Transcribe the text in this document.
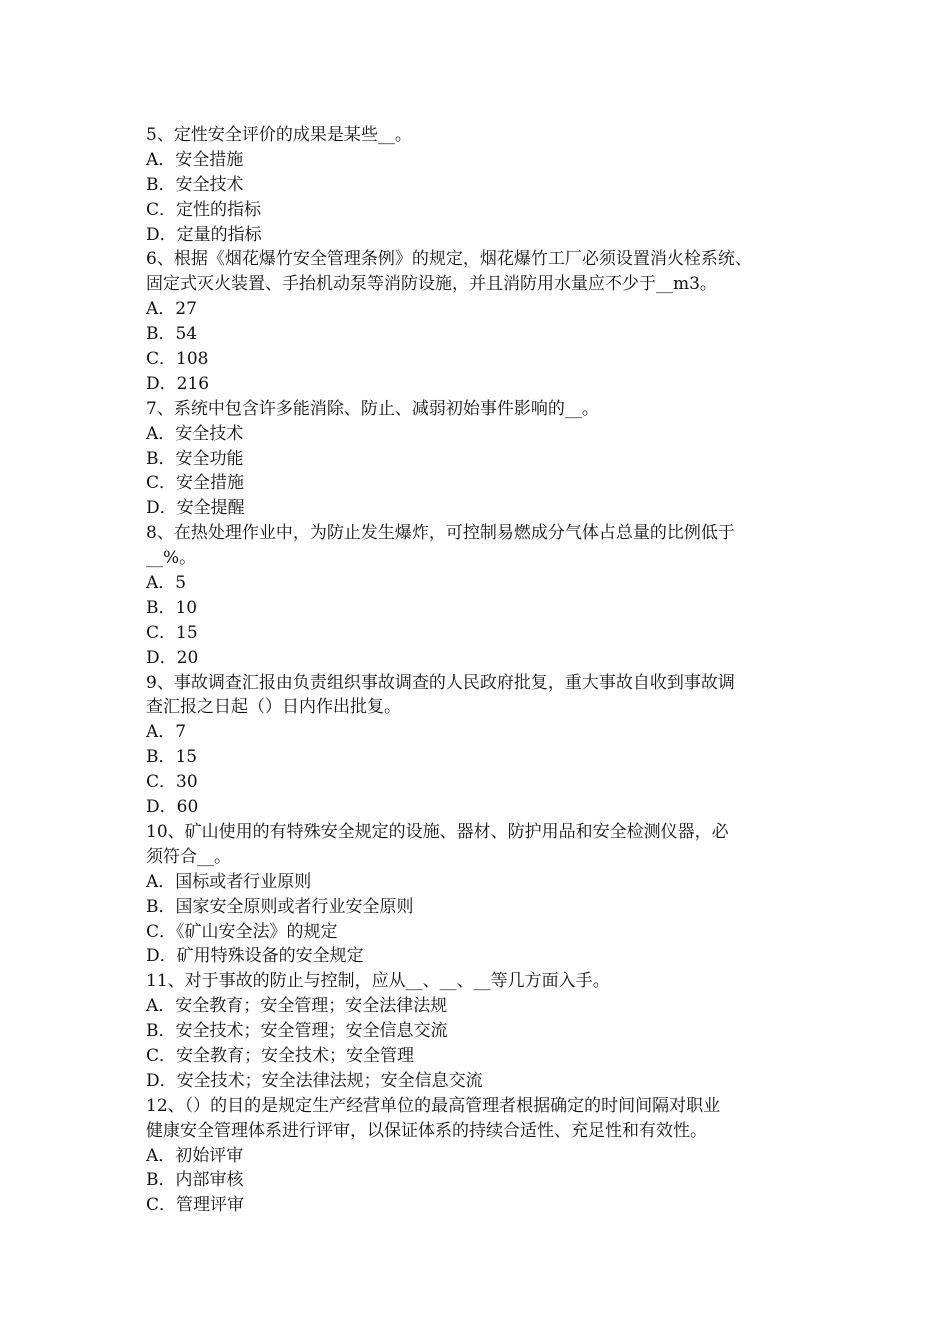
5、定性安全评价的成果是某些__。
A．安全措施
B．安全技术
C．定性的指标
D．定量的指标
6、根据《烟花爆竹安全管理条例》的规定，烟花爆竹工厂必须设置消火栓系统、
固定式灭火装置、手抬机动泵等消防设施，并且消防用水量应不少于__m3。
A．27
B．54
C．108
D．216
7、系统中包含许多能消除、防止、减弱初始事件影响的__。
A．安全技术
B．安全功能
C．安全措施
D．安全提醒
8、在热处理作业中，为防止发生爆炸，可控制易燃成分气体占总量的比例低于
__%。
A．5
B．10
C．15
D．20
9、事故调查汇报由负责组织事故调查的人民政府批复，重大事故自收到事故调
查汇报之日起（）日内作出批复。
A．7
B．15
C．30
D．60
10、矿山使用的有特殊安全规定的设施、器材、防护用品和安全检测仪器，必
须符合__。
A．国标或者行业原则
B．国家安全原则或者行业安全原则
C．《矿山安全法》的规定
D．矿用特殊设备的安全规定
11、对于事故的防止与控制，应从__、__、__等几方面入手。
A．安全教育；安全管理；安全法律法规
B．安全技术；安全管理；安全信息交流
C．安全教育；安全技术；安全管理
D．安全技术；安全法律法规；安全信息交流
12、（）的目的是规定生产经营单位的最高管理者根据确定的时间间隔对职业
健康安全管理体系进行评审，以保证体系的持续合适性、充足性和有效性。
A．初始评审
B．内部审核
C．管理评审
